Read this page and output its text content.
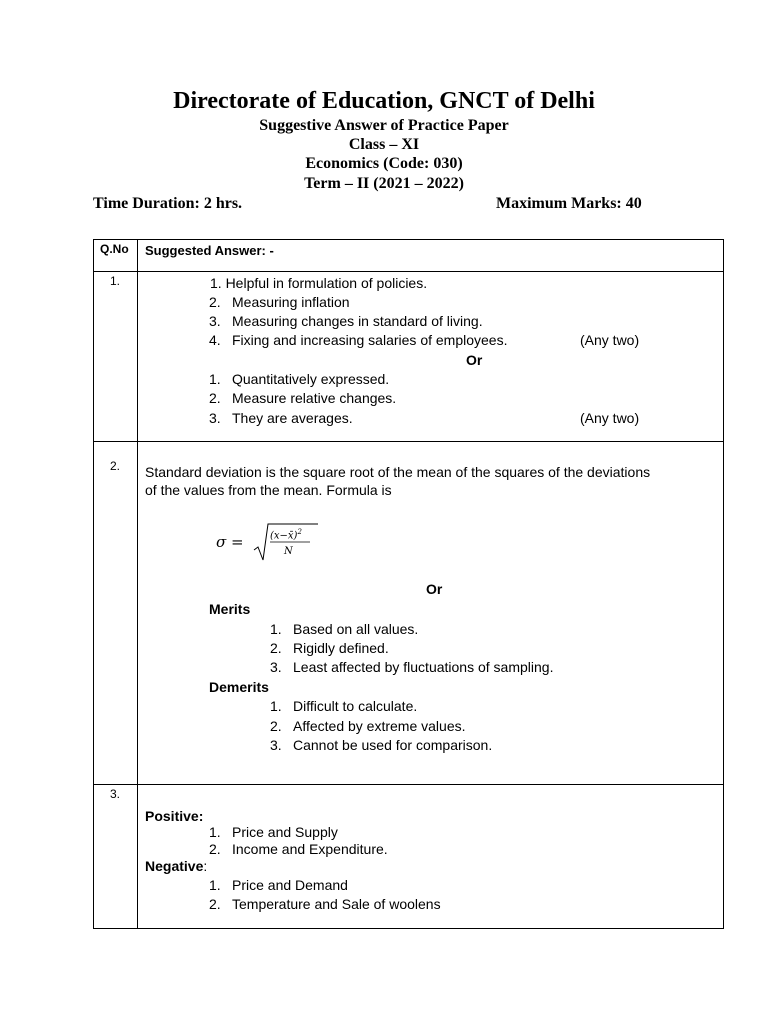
Directorate of Education, GNCT of Delhi
Suggestive Answer of Practice Paper
Class – XI
Economics (Code: 030)
Term – II (2021 – 2022)
Time Duration: 2 hrs.	Maximum Marks: 40
Q.No Suggested Answer: -
1.	1. Helpful in formulation of policies.
2. Measuring inflation
3. Measuring changes in standard of living.
4. Fixing and increasing salaries of employees.	(Any two)
Or
1. Quantitatively expressed.
2. Measure relative changes.
3. They are averages.	(Any two)
2. Standard deviation is the square root of the mean of the squares of the deviations
of the values from the mean. Formula is
σ =	(x−x̄)$^2$
N
Or
Merits
1. Based on all values.
2. Rigidly defined.
3. Least affected by fluctuations of sampling.
Demerits
1. Difficult to calculate.
2. Affected by extreme values.
3. Cannot be used for comparison.
3.
Positive:
1. Price and Supply
2. Income and Expenditure.
Negative:
1. Price and Demand
2. Temperature and Sale of woolens
